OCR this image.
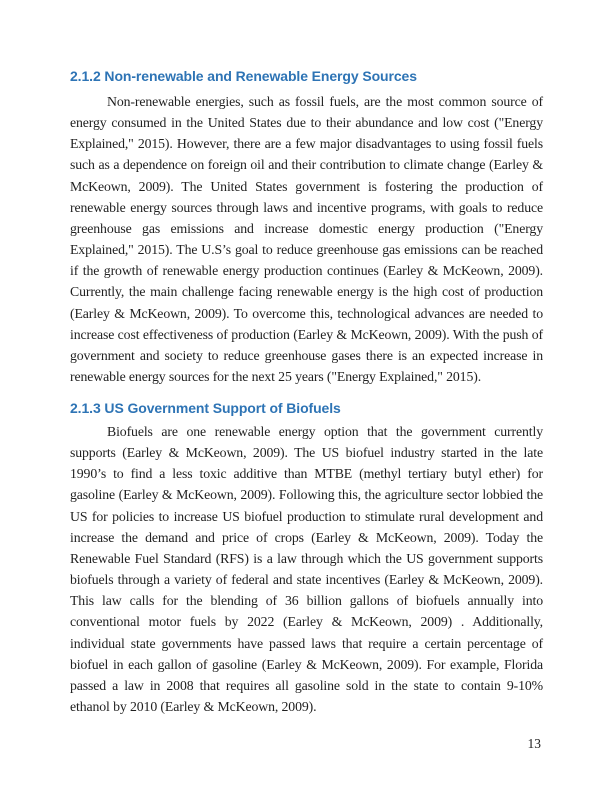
2.1.2 Non-renewable and Renewable Energy Sources

Non-renewable energies, such as fossil fuels, are the most common source of energy consumed in the United States due to their abundance and low cost ("Energy Explained," 2015). However, there are a few major disadvantages to using fossil fuels such as a dependence on foreign oil and their contribution to climate change (Earley & McKeown, 2009). The United States government is fostering the production of renewable energy sources through laws and incentive programs, with goals to reduce greenhouse gas emissions and increase domestic energy production ("Energy Explained," 2015). The U.S’s goal to reduce greenhouse gas emissions can be reached if the growth of renewable energy production continues (Earley & McKeown, 2009). Currently, the main challenge facing renewable energy is the high cost of production (Earley & McKeown, 2009). To overcome this, technological advances are needed to increase cost effectiveness of production (Earley & McKeown, 2009). With the push of government and society to reduce greenhouse gases there is an expected increase in renewable energy sources for the next 25 years ("Energy Explained," 2015).

2.1.3 US Government Support of Biofuels

Biofuels are one renewable energy option that the government currently supports (Earley & McKeown, 2009). The US biofuel industry started in the late 1990’s to find a less toxic additive than MTBE (methyl tertiary butyl ether) for gasoline (Earley & McKeown, 2009). Following this, the agriculture sector lobbied the US for policies to increase US biofuel production to stimulate rural development and increase the demand and price of crops (Earley & McKeown, 2009). Today the Renewable Fuel Standard (RFS) is a law through which the US government supports biofuels through a variety of federal and state incentives (Earley & McKeown, 2009). This law calls for the blending of 36 billion gallons of biofuels annually into conventional motor fuels by 2022 (Earley & McKeown, 2009) . Additionally, individual state governments have passed laws that require a certain percentage of biofuel in each gallon of gasoline (Earley & McKeown, 2009). For example, Florida passed a law in 2008 that requires all gasoline sold in the state to contain 9-10% ethanol by 2010 (Earley & McKeown, 2009).

13
